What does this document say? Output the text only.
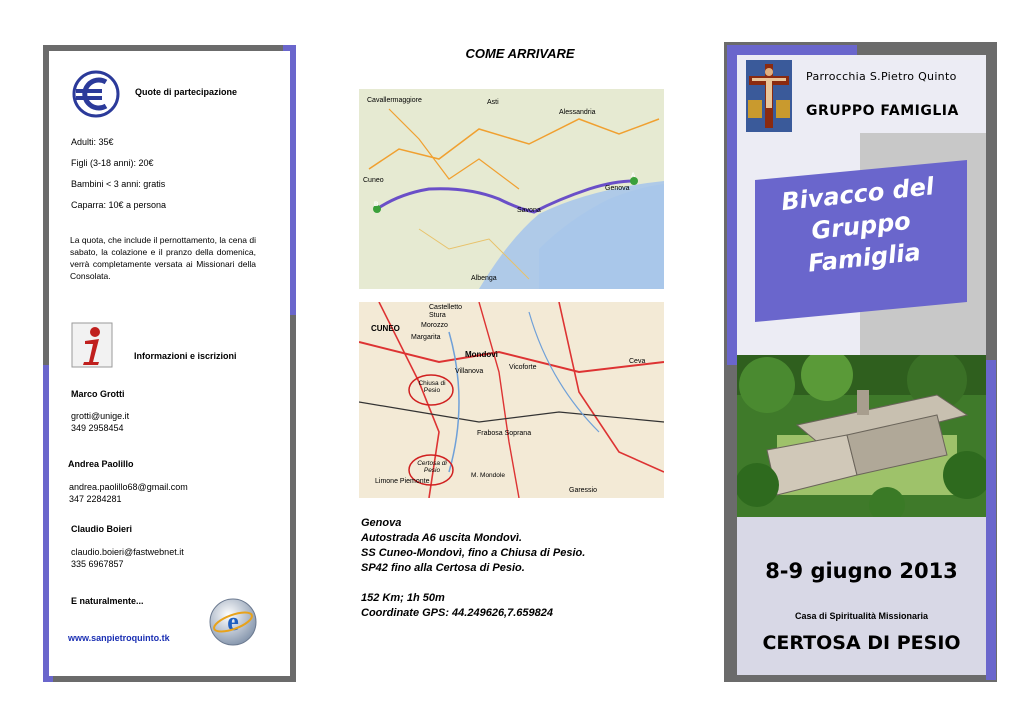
Quote di partecipazione
Adulti: 35€
Figli (3-18 anni): 20€
Bambini < 3 anni: gratis
Caparra: 10€ a persona
La quota, che include il pernottamento, la cena di sabato, la colazione e il pranzo della domenica, verrà completamente versata ai Missionari della Consolata.
Informazioni e iscrizioni
Marco Grotti
grotti@unige.it
349 2958454
Andrea Paolillo
andrea.paolillo68@gmail.com
347 2284281
Claudio Boieri
claudio.boieri@fastwebnet.it
335 6967857
E naturalmente...
e
www.sanpietroquinto.tk
COME ARRIVARE
Cavallermaggiore	Asti
Alessandria
Cuneo
Savona
Genova
Albenga
A
B
CUNEO
Castelletto
Stura
Morozzo
Margarita
Mondovì
Villanova
Chiusa di Pesio
Certosa di Pesio
Frabosa Soprana
Limone Piemonte
M. Mondole
Garessio
Ceva
Vicoforte
Genova
Autostrada A6 uscita Mondovì.
SS Cuneo-Mondovì, fino a Chiusa di Pesio.
SP42 fino alla Certosa di Pesio.
152 Km; 1h 50m
Coordinate GPS: 44.249626,7.659824
Parrocchia S.Pietro Quinto
GRUPPO FAMIGLIA
Bivacco del
Gruppo
Famiglia
8-9 giugno 2013
Casa di Spiritualità Missionaria
CERTOSA DI PESIO
